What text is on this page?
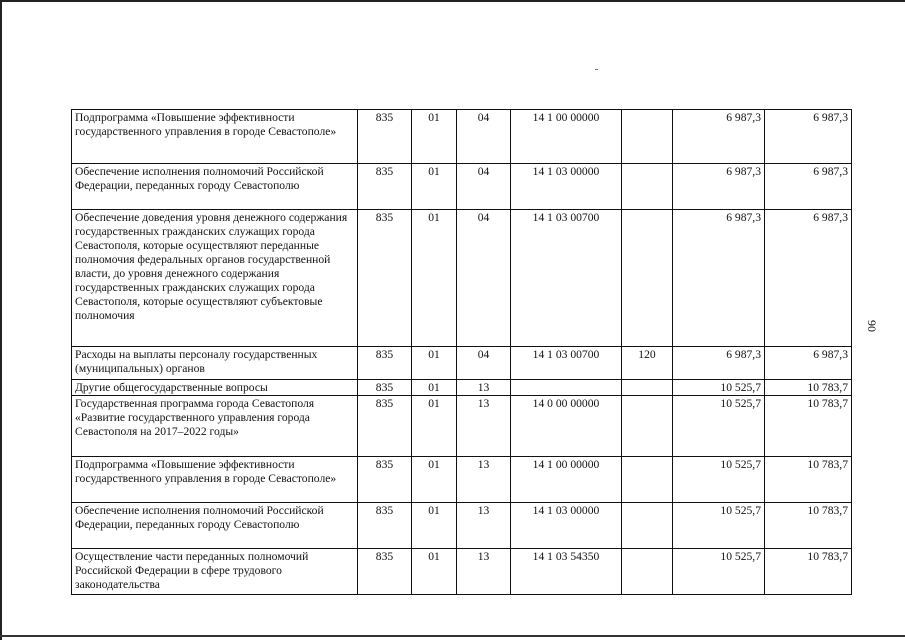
90
Подпрограмма «Повышение эффективности государственного управления в городе Севастополе»	835	01	04	14 1 00 00000		6 987,3	6 987,3
Обеспечение исполнения полномочий Российской Федерации, переданных городу Севастополю	835	01	04	14 1 03 00000		6 987,3	6 987,3
Обеспечение доведения уровня денежного содержания государственных гражданских служащих города Севастополя, которые осуществляют переданные полномочия федеральных органов государственной власти, до уровня денежного содержания государственных гражданских служащих города Севастополя, которые осуществляют субъектовые полномочия	835	01	04	14 1 03 00700		6 987,3	6 987,3
Расходы на выплаты персоналу государственных (муниципальных) органов	835	01	04	14 1 03 00700	120	6 987,3	6 987,3
Другие общегосударственные вопросы	835	01	13			10 525,7	10 783,7
Государственная программа города Севастополя «Развитие государственного управления города Севастополя на 2017–2022 годы»	835	01	13	14 0 00 00000		10 525,7	10 783,7
Подпрограмма «Повышение эффективности государственного управления в городе Севастополе»	835	01	13	14 1 00 00000		10 525,7	10 783,7
Обеспечение исполнения полномочий Российской Федерации, переданных городу Севастополю	835	01	13	14 1 03 00000		10 525,7	10 783,7
Осуществление части переданных полномочий Российской Федерации в сфере трудового законодательства	835	01	13	14 1 03 54350		10 525,7	10 783,7
